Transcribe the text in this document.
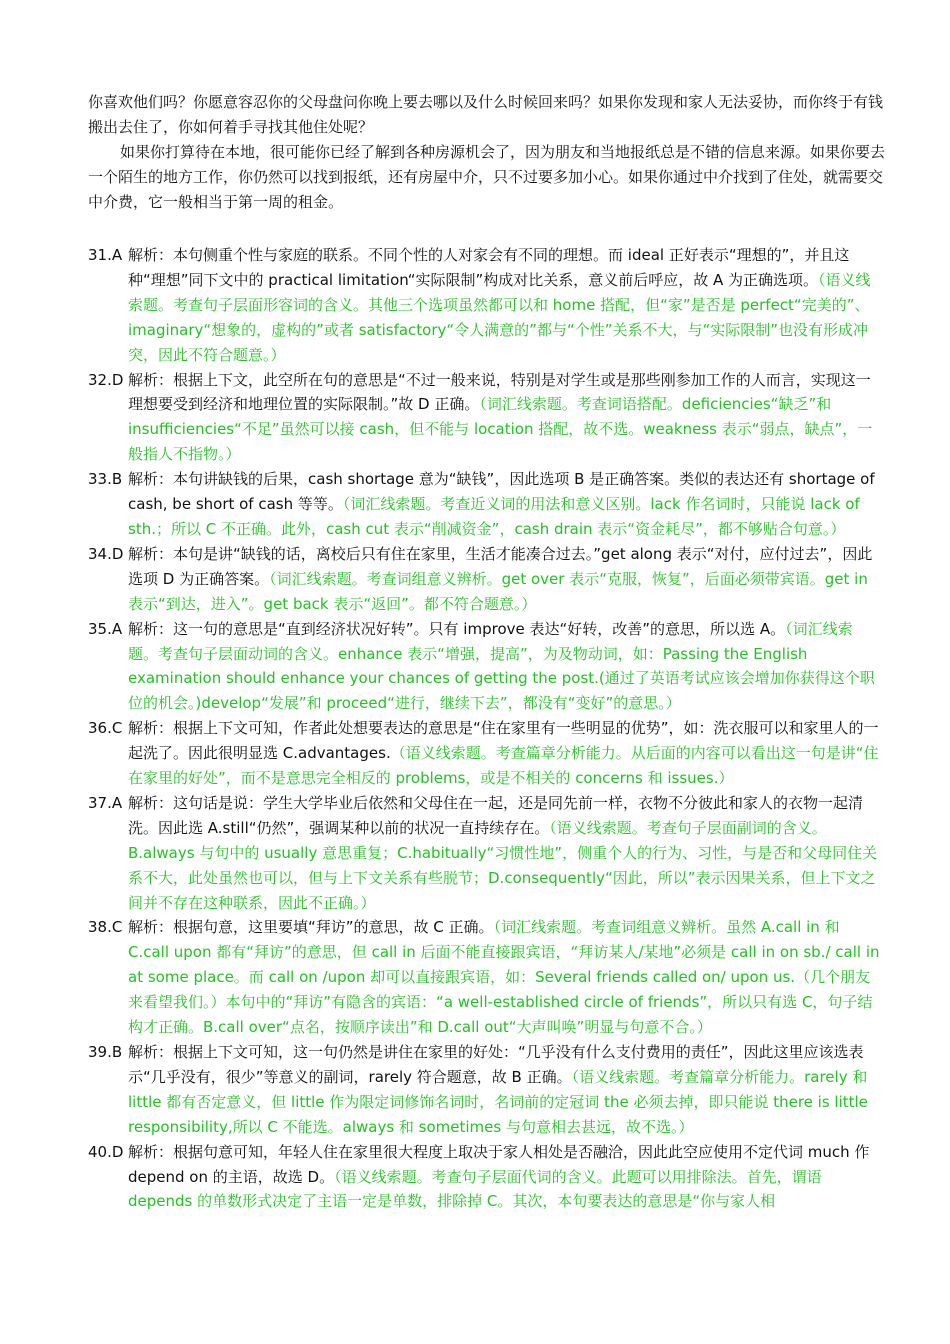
你喜欢他们吗？你愿意容忍你的父母盘问你晚上要去哪以及什么时候回来吗？如果你发现和家人无法妥协，而你终于有钱搬出去住了，你如何着手寻找其他住处呢？

如果你打算待在本地，很可能你已经了解到各种房源机会了，因为朋友和当地报纸总是不错的信息来源。如果你要去一个陌生的地方工作，你仍然可以找到报纸，还有房屋中介，只不过要多加小心。如果你通过中介找到了住处，就需要交中介费，它一般相当于第一周的租金。

31.A 解析：本句侧重个性与家庭的联系。不同个性的人对家会有不同的理想。而 ideal 正好表示“理想的”，并且这种“理想”同下文中的 practical limitation“实际限制”构成对比关系，意义前后呼应，故 A 为正确选项。（语义线索题。考查句子层面形容词的含义。其他三个选项虽然都可以和 home 搭配，但“家”是否是 perfect“完美的”、imaginary“想象的，虚构的”或者 satisfactory“令人满意的”都与“个性”关系不大，与“实际限制”也没有形成冲突，因此不符合题意。）
32.D 解析：根据上下文，此空所在句的意思是“不过一般来说，特别是对学生或是那些刚参加工作的人而言，实现这一理想要受到经济和地理位置的实际限制。”故 D 正确。（词汇线索题。考查词语搭配。deficiencies“缺乏”和 insufficiencies“不足”虽然可以接 cash，但不能与 location 搭配，故不选。weakness 表示“弱点，缺点”，一般指人不指物。）
33.B 解析：本句讲缺钱的后果，cash shortage 意为“缺钱”，因此选项 B 是正确答案。类似的表达还有 shortage of cash, be short of cash 等等。（词汇线索题。考查近义词的用法和意义区别。lack 作名词时，只能说 lack of sth.；所以 C 不正确。此外，cash cut 表示“削减资金”，cash drain 表示“资金耗尽”，都不够贴合句意。）
34.D 解析：本句是讲“缺钱的话，离校后只有住在家里，生活才能凑合过去。”get along 表示“对付，应付过去”，因此选项 D 为正确答案。（词汇线索题。考查词组意义辨析。get over 表示“克服，恢复”，后面必须带宾语。get in 表示“到达，进入”。get back 表示“返回”。都不符合题意。）
35.A 解析：这一句的意思是“直到经济状况好转”。只有 improve 表达“好转，改善”的意思，所以选 A。（词汇线索题。考查句子层面动词的含义。enhance 表示“增强，提高”，为及物动词，如：Passing the English examination should enhance your chances of getting the post.(通过了英语考试应该会增加你获得这个职位的机会。)develop“发展”和 proceed“进行，继续下去”，都没有“变好”的意思。）
36.C 解析：根据上下文可知，作者此处想要表达的意思是“住在家里有一些明显的优势”，如：洗衣服可以和家里人的一起洗了。因此很明显选 C.advantages.（语义线索题。考查篇章分析能力。从后面的内容可以看出这一句是讲“住在家里的好处”，而不是意思完全相反的 problems，或是不相关的 concerns 和 issues.）
37.A 解析：这句话是说：学生大学毕业后依然和父母住在一起，还是同先前一样，衣物不分彼此和家人的衣物一起清洗。因此选 A.still“仍然”，强调某种以前的状况一直持续存在。（语义线索题。考查句子层面副词的含义。B.always 与句中的 usually 意思重复；C.habitually“习惯性地”，侧重个人的行为、习性，与是否和父母同住关系不大，此处虽然也可以，但与上下文关系有些脱节；D.consequently“因此，所以”表示因果关系，但上下文之间并不存在这种联系，因此不正确。）
38.C 解析：根据句意，这里要填“拜访”的意思，故 C 正确。（词汇线索题。考查词组意义辨析。虽然 A.call in 和 C.call upon 都有“拜访”的意思，但 call in 后面不能直接跟宾语，“拜访某人/某地”必须是 call in on sb./ call in at some place。而 call on /upon 却可以直接跟宾语，如：Several friends called on/ upon us.（几个朋友来看望我们。）本句中的“拜访”有隐含的宾语：“a well-established circle of friends”，所以只有选 C，句子结构才正确。B.call over“点名，按顺序读出”和 D.call out“大声叫唤”明显与句意不合。）
39.B 解析：根据上下文可知，这一句仍然是讲住在家里的好处：“几乎没有什么支付费用的责任”，因此这里应该选表示“几乎没有，很少”等意义的副词，rarely 符合题意，故 B 正确。（语义线索题。考查篇章分析能力。rarely 和 little 都有否定意义，但 little 作为限定词修饰名词时，名词前的定冠词 the 必须去掉，即只能说 there is little responsibility,所以 C 不能选。always 和 sometimes 与句意相去甚远，故不选。）
40.D 解析：根据句意可知，年轻人住在家里很大程度上取决于家人相处是否融洽，因此此空应使用不定代词 much 作 depend on 的主语，故选 D。（语义线索题。考查句子层面代词的含义。此题可以用排除法。首先，谓语 depends 的单数形式决定了主语一定是单数，排除掉 C。其次，本句要表达的意思是“你与家人相
